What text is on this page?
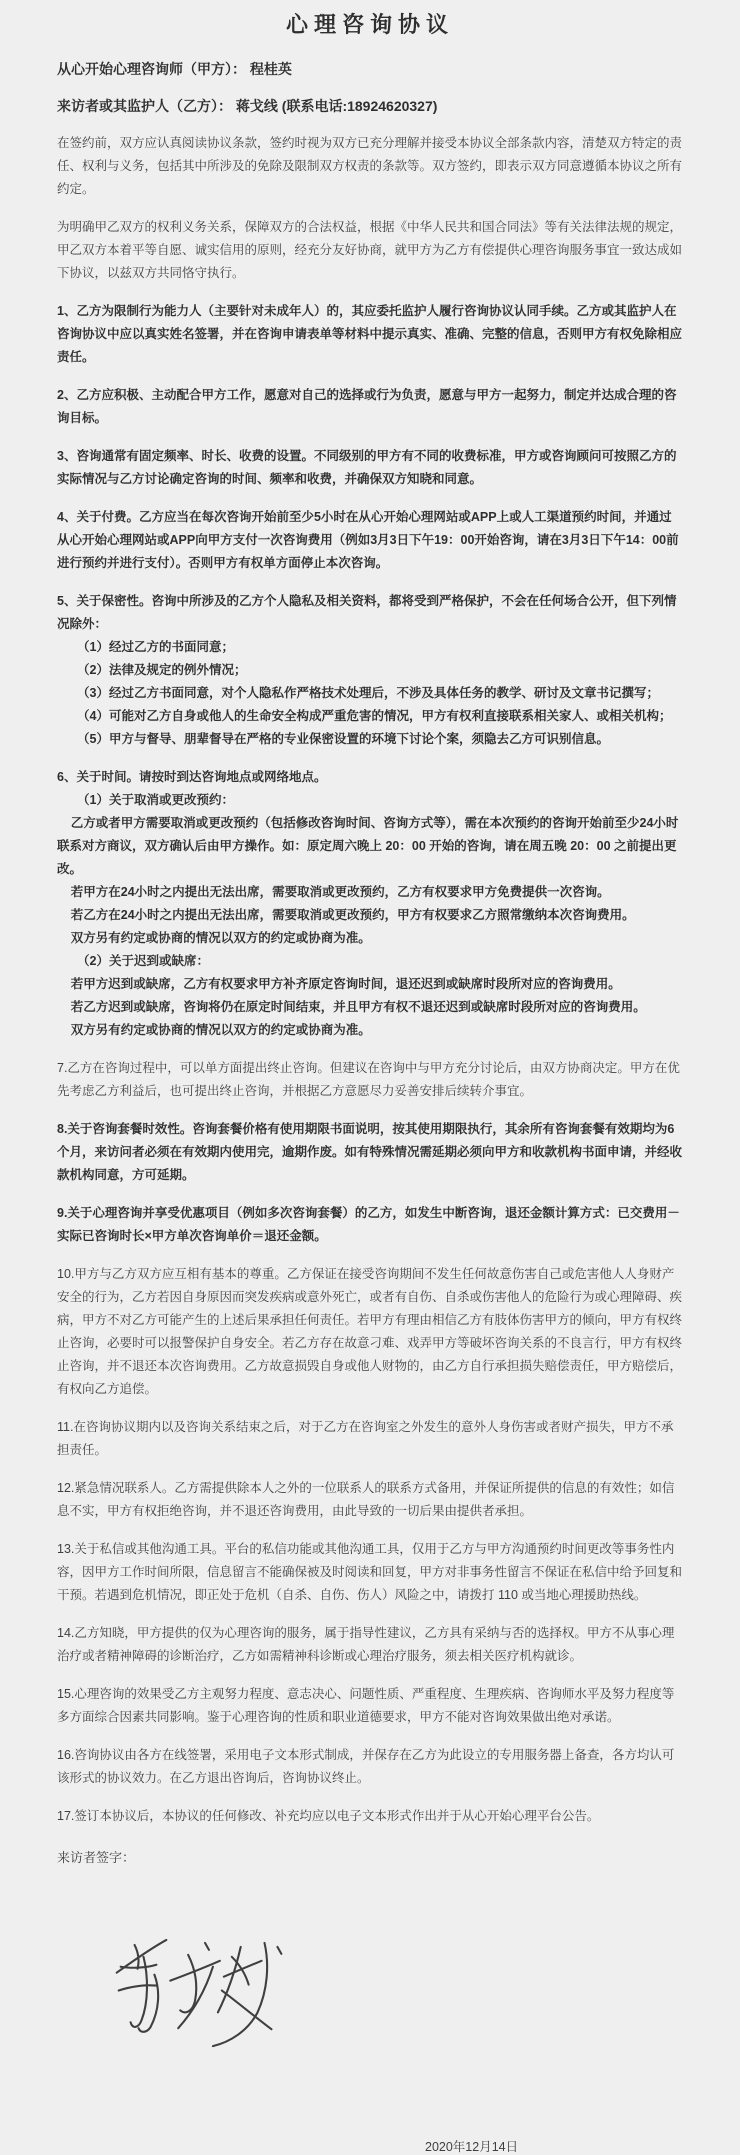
心理咨询协议
从心开始心理咨询师（甲方）： 程桂英
来访者或其监护人（乙方）： 蒋戈线 (联系电话:18924620327)
在签约前，双方应认真阅读协议条款，签约时视为双方已充分理解并接受本协议全部条款内容，清楚双方特定的责任、权利与义务，包括其中所涉及的免除及限制双方权责的条款等。双方签约，即表示双方同意遵循本协议之所有约定。
为明确甲乙双方的权利义务关系，保障双方的合法权益，根据《中华人民共和国合同法》等有关法律法规的规定，甲乙双方本着平等自愿、诚实信用的原则，经充分友好协商，就甲方为乙方有偿提供心理咨询服务事宜一致达成如下协议，以兹双方共同恪守执行。
1、乙方为限制行为能力人（主要针对未成年人）的，其应委托监护人履行咨询协议认同手续。乙方或其监护人在咨询协议中应以真实姓名签署，并在咨询申请表单等材料中提示真实、准确、完整的信息，否则甲方有权免除相应责任。
2、乙方应积极、主动配合甲方工作，愿意对自己的选择或行为负责，愿意与甲方一起努力，制定并达成合理的咨询目标。
3、咨询通常有固定频率、时长、收费的设置。不同级别的甲方有不同的收费标准，甲方或咨询顾问可按照乙方的实际情况与乙方讨论确定咨询的时间、频率和收费，并确保双方知晓和同意。
4、关于付费。乙方应当在每次咨询开始前至少5小时在从心开始心理网站或APP上或人工渠道预约时间，并通过从心开始心理网站或APP向甲方支付一次咨询费用（例如3月3日下午19：00开始咨询，请在3月3日下午14：00前进行预约并进行支付）。否则甲方有权单方面停止本次咨询。
5、关于保密性。咨询中所涉及的乙方个人隐私及相关资料，都将受到严格保护，不会在任何场合公开，但下列情况除外：
（1）经过乙方的书面同意；
（2）法律及规定的例外情况；
（3）经过乙方书面同意，对个人隐私作严格技术处理后，不涉及具体任务的教学、研讨及文章书记撰写；
（4）可能对乙方自身或他人的生命安全构成严重危害的情况，甲方有权利直接联系相关家人、或相关机构；
（5）甲方与督导、朋辈督导在严格的专业保密设置的环境下讨论个案，须隐去乙方可识别信息。
6、关于时间。请按时到达咨询地点或网络地点。
（1）关于取消或更改预约：
乙方或者甲方需要取消或更改预约（包括修改咨询时间、咨询方式等），需在本次预约的咨询开始前至少24小时联系对方商议，双方确认后由甲方操作。如：原定周六晚上 20：00 开始的咨询，请在周五晚 20：00 之前提出更改。
若甲方在24小时之内提出无法出席，需要取消或更改预约，乙方有权要求甲方免费提供一次咨询。
若乙方在24小时之内提出无法出席，需要取消或更改预约，甲方有权要求乙方照常缴纳本次咨询费用。
双方另有约定或协商的情况以双方的约定或协商为准。
（2）关于迟到或缺席：
若甲方迟到或缺席，乙方有权要求甲方补齐原定咨询时间，退还迟到或缺席时段所对应的咨询费用。
若乙方迟到或缺席，咨询将仍在原定时间结束，并且甲方有权不退还迟到或缺席时段所对应的咨询费用。
双方另有约定或协商的情况以双方的约定或协商为准。
7.乙方在咨询过程中，可以单方面提出终止咨询。但建议在咨询中与甲方充分讨论后，由双方协商决定。甲方在优先考虑乙方利益后，也可提出终止咨询，并根据乙方意愿尽力妥善安排后续转介事宜。
8.关于咨询套餐时效性。咨询套餐价格有使用期限书面说明，按其使用期限执行，其余所有咨询套餐有效期均为6个月，来访问者必须在有效期内使用完，逾期作废。如有特殊情况需延期必须向甲方和收款机构书面申请，并经收款机构同意，方可延期。
9.关于心理咨询并享受优惠项目（例如多次咨询套餐）的乙方，如发生中断咨询，退还金额计算方式：已交费用－实际已咨询时长×甲方单次咨询单价＝退还金额。
10.甲方与乙方双方应互相有基本的尊重。乙方保证在接受咨询期间不发生任何故意伤害自己或危害他人人身财产安全的行为，乙方若因自身原因而突发疾病或意外死亡，或者有自伤、自杀或伤害他人的危险行为或心理障碍、疾病，甲方不对乙方可能产生的上述后果承担任何责任。若甲方有理由相信乙方有肢体伤害甲方的倾向，甲方有权终止咨询，必要时可以报警保护自身安全。若乙方存在故意刁难、戏弄甲方等破坏咨询关系的不良言行，甲方有权终止咨询，并不退还本次咨询费用。乙方故意损毁自身或他人财物的，由乙方自行承担损失赔偿责任，甲方赔偿后，有权向乙方追偿。
11.在咨询协议期内以及咨询关系结束之后，对于乙方在咨询室之外发生的意外人身伤害或者财产损失，甲方不承担责任。
12.紧急情况联系人。乙方需提供除本人之外的一位联系人的联系方式备用，并保证所提供的信息的有效性；如信息不实，甲方有权拒绝咨询，并不退还咨询费用，由此导致的一切后果由提供者承担。
13.关于私信或其他沟通工具。平台的私信功能或其他沟通工具，仅用于乙方与甲方沟通预约时间更改等事务性内容，因甲方工作时间所限，信息留言不能确保被及时阅读和回复，甲方对非事务性留言不保证在私信中给予回复和干预。若遇到危机情况，即正处于危机（自杀、自伤、伤人）风险之中，请拨打 110 或当地心理援助热线。
14.乙方知晓，甲方提供的仅为心理咨询的服务，属于指导性建议，乙方具有采纳与否的选择权。甲方不从事心理治疗或者精神障碍的诊断治疗，乙方如需精神科诊断或心理治疗服务，须去相关医疗机构就诊。
15.心理咨询的效果受乙方主观努力程度、意志决心、问题性质、严重程度、生理疾病、咨询师水平及努力程度等多方面综合因素共同影响。鉴于心理咨询的性质和职业道德要求，甲方不能对咨询效果做出绝对承诺。
16.咨询协议由各方在线签署，采用电子文本形式制成，并保存在乙方为此设立的专用服务器上备查，各方均认可该形式的协议效力。在乙方退出咨询后，咨询协议终止。
17.签订本协议后，本协议的任何修改、补充均应以电子文本形式作出并于从心开始心理平台公告。
来访者签字：
2020年12月14日
